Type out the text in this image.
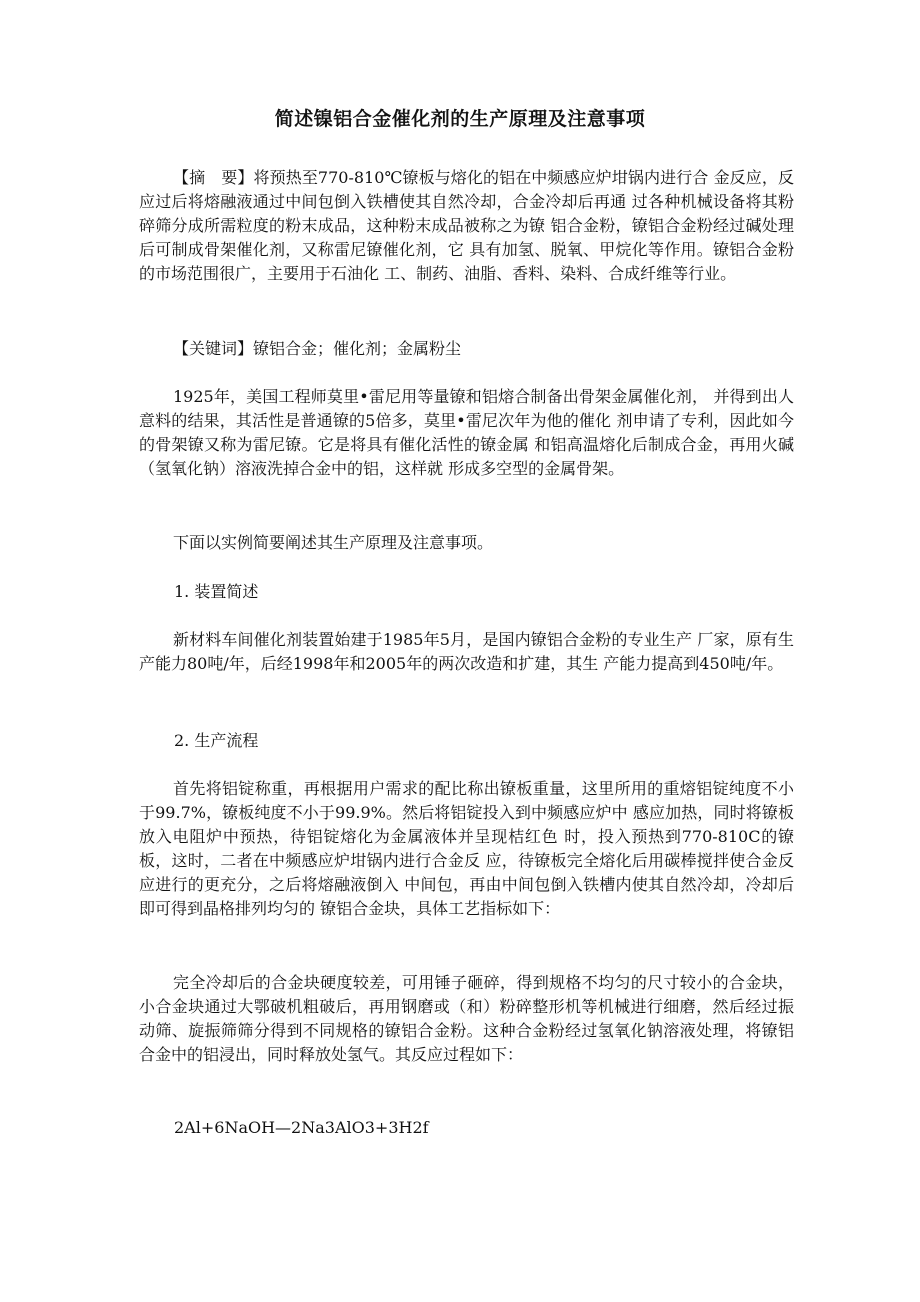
简述镍铝合金催化剂的生产原理及注意事项

【摘　要】将预热至770-810℃镣板与熔化的铝在中频感应炉坩锅内进行合 金反应，反应过后将熔融液通过中间包倒入铁槽使其自然冷却，合金冷却后再通 过各种机械设备将其粉碎筛分成所需粒度的粉末成品，这种粉末成品被称之为镣 铝合金粉，镣铝合金粉经过碱处理后可制成骨架催化剂，又称雷尼镣催化剂，它 具有加氢、脱氧、甲烷化等作用。镣铝合金粉的市场范围很广，主要用于石油化 工、制药、油脂、香料、染料、合成纤维等行业。

【关键词】镣铝合金；催化剂；金属粉尘

1925年，美国工程师莫里•雷尼用等量镣和铝熔合制备出骨架金属催化剂， 并得到出人意料的结果，其活性是普通镣的5倍多，莫里•雷尼次年为他的催化 剂申请了专利，因此如今的骨架镣又称为雷尼镣。它是将具有催化活性的镣金属 和铝高温熔化后制成合金，再用火碱（氢氧化钠）溶液洗掉合金中的铝，这样就 形成多空型的金属骨架。

下面以实例简要阐述其生产原理及注意事项。

1. 装置简述

新材料车间催化剂装置始建于1985年5月，是国内镣铝合金粉的专业生产 厂家，原有生产能力80吨/年，后经1998年和2005年的两次改造和扩建，其生 产能力提高到450吨/年。

2. 生产流程

首先将铝锭称重，再根据用户需求的配比称出镣板重量，这里所用的重熔铝锭纯度不小于99.7%，镣板纯度不小于99.9%。然后将铝锭投入到中频感应炉中 感应加热，同时将镣板放入电阻炉中预热，待铝锭熔化为金属液体并呈现桔红色 时，投入预热到770-810C的镣板，这时，二者在中频感应炉坩锅内进行合金反 应，待镣板完全熔化后用碳棒搅拌使合金反应进行的更充分，之后将熔融液倒入 中间包，再由中间包倒入铁槽内使其自然冷却，冷却后即可得到晶格排列均匀的 镣铝合金块，具体工艺指标如下：

完全冷却后的合金块硬度较差，可用锤子砸碎，得到规格不均匀的尺寸较小的合金块，小合金块通过大鄂破机粗破后，再用钢磨或（和）粉碎整形机等机械进行细磨，然后经过振动筛、旋振筛筛分得到不同规格的镣铝合金粉。这种合金粉经过氢氧化钠溶液处理，将镣铝合金中的铝浸出，同时释放处氢气。其反应过程如下：

2Al+6NaOH—2Na3AlO3+3H2f
